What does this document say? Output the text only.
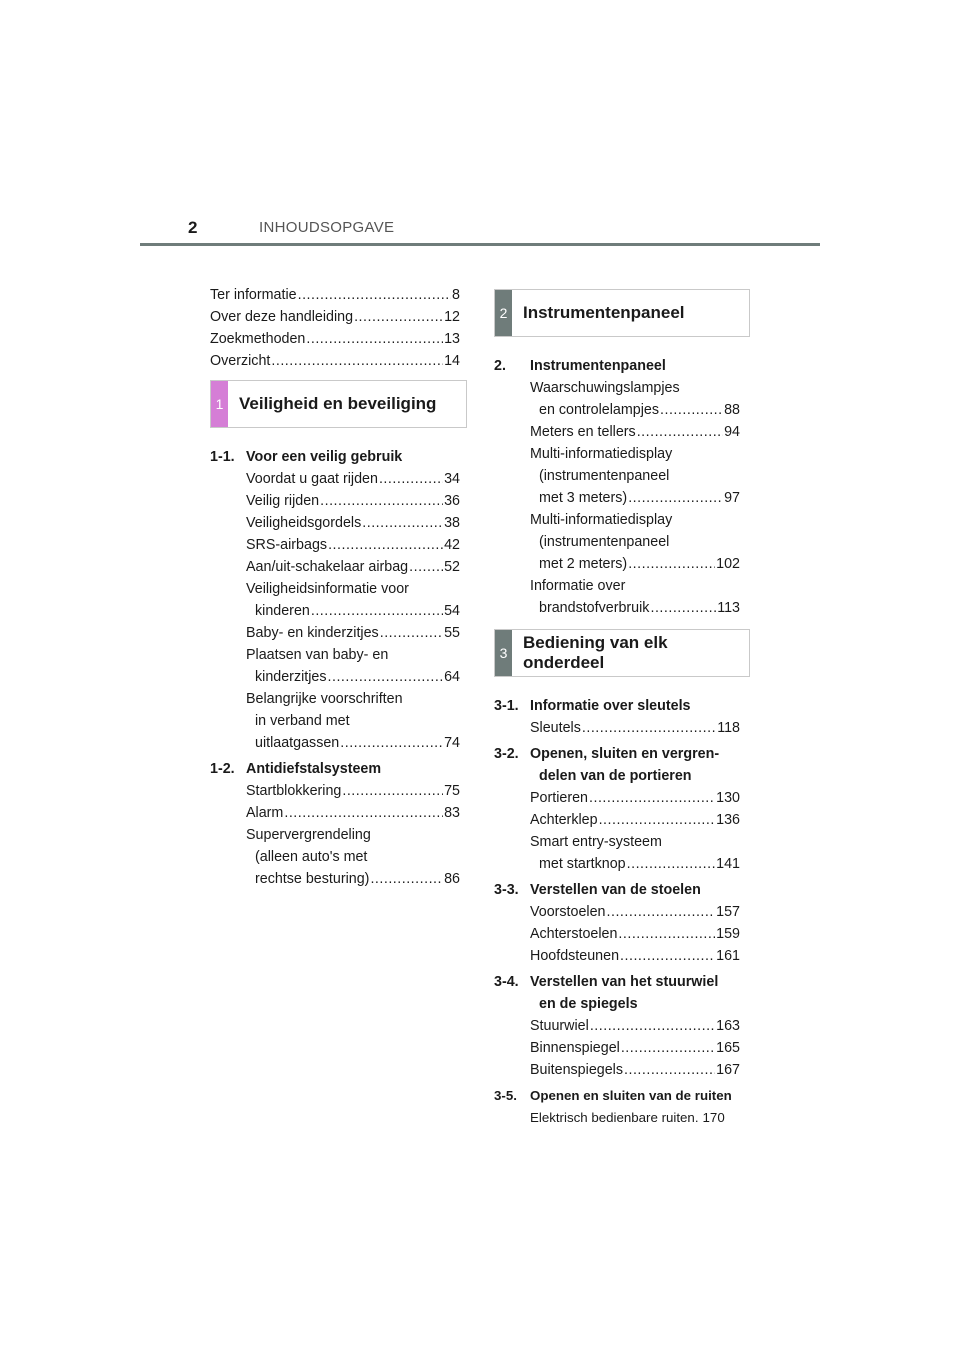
2	INHOUDSOPGAVE
Ter informatie .....	8
Over deze handleiding .....	12
Zoekmethoden .....	13
Overzicht .....	14
1 Veiligheid en beveiliging
1-1. Voor een veilig gebruik
Voordat u gaat rijden .....	34
Veilig rijden .....	36
Veiligheidsgordels .....	38
SRS-airbags .....	42
Aan/uit-schakelaar airbag .....	52
Veiligheidsinformatie voor
kinderen .....	54
Baby- en kinderzitjes .....	55
Plaatsen van baby- en
kinderzitjes .....	64
Belangrijke voorschriften
in verband met
uitlaatgassen .....	74
1-2. Antidiefstalsysteem
Startblokkering .....	75
Alarm .....	83
Supervergrendeling
(alleen auto's met
rechtse besturing) .....	86
2 Instrumentenpaneel
2.	Instrumentenpaneel
Waarschuwingslampjes
en controlelampjes .....	88
Meters en tellers .....	94
Multi-informatiedisplay
(instrumentenpaneel
met 3 meters) .....	97
Multi-informatiedisplay
(instrumentenpaneel
met 2 meters) .....	102
Informatie over
brandstofverbruik .....	113
3
Bediening van elk
onderdeel
3-1. Informatie over sleutels
Sleutels .....	118
3-2. Openen, sluiten en vergren-
delen van de portieren
Portieren .....	130
Achterklep .....	136
Smart entry-systeem
met startknop .....	141
3-3. Verstellen van de stoelen
Voorstoelen .....	157
Achterstoelen .....	159
Hoofdsteunen .....	161
3-4. Verstellen van het stuurwiel
en de spiegels
Stuurwiel .....	163
Binnenspiegel .....	165
Buitenspiegels .....	167
3-5. Openen en sluiten van de ruiten
Elektrisch bedienbare ruiten. 170
